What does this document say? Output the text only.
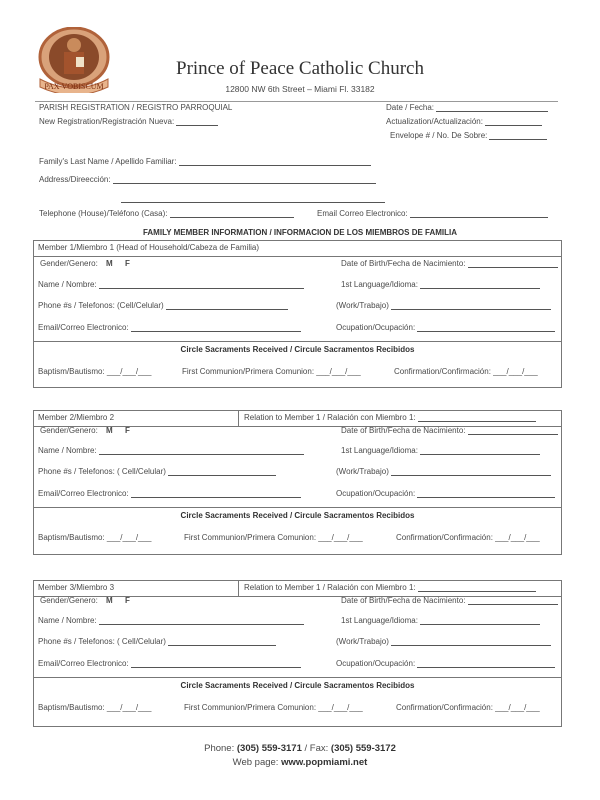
PAX VOBISCUM
Prince of Peace Catholic Church
12800 NW 6th Street – Miami Fl. 33182
PARISH REGISTRATION / REGISTRO PARROQUIAL
New Registration/Registración Nueva:
Date / Fecha:
Actualization/Actualización:
Envelope # / No. De Sobre:
Family's Last Name / Apellido Familiar:
Address/Direección:
Telephone (House)/Teléfono (Casa):	Email Correo Electronico:
FAMILY MEMBER INFORMATION / INFORMACION DE LOS MIEMBROS DE FAMILIA
Member 1/Miembro 1 (Head of Household/Cabeza de Familia)
Gender/Genero: M F	Date of Birth/Fecha de Nacimiento:
Name / Nombre:	1st Language/Idioma:
Phone #s / Telefonos: (Cell/Celular)	(Work/Trabajo)
Email/Correo Electronico:	Ocupation/Ocupación:
Circle Sacraments Received / Circule Sacramentos Recibidos
Baptism/Bautismo: ___/___/___	First Communion/Primera Comunion: ___/___/___	Confirmation/Confirmación: ___/___/___
Member 2/Miembro 2	Relation to Member 1 / Ralación con Miembro 1:
Gender/Genero: M F	Date of Birth/Fecha de Nacimiento:
Name / Nombre:	1st Language/Idioma:
Phone #s / Telefonos: ( Cell/Celular)	(Work/Trabajo)
Email/Correo Electronico:	Ocupation/Ocupación:
Circle Sacraments Received / Circule Sacramentos Recibidos
Baptism/Bautismo: ___/___/___	First Communion/Primera Comunion: ___/___/___	Confirmation/Confirmación: ___/___/___
Member 3/Miembro 3	Relation to Member 1 / Ralación con Miembro 1:
Gender/Genero: M F	Date of Birth/Fecha de Nacimiento:
Name / Nombre:	1st Language/Idioma:
Phone #s / Telefonos: ( Cell/Celular)	(Work/Trabajo)
Email/Correo Electronico:	Ocupation/Ocupación:
Circle Sacraments Received / Circule Sacramentos Recibidos
Baptism/Bautismo: ___/___/___	First Communion/Primera Comunion: ___/___/___	Confirmation/Confirmación: ___/___/___
Phone: (305) 559-3171 / Fax: (305) 559-3172
Web page: www.popmiami.net
